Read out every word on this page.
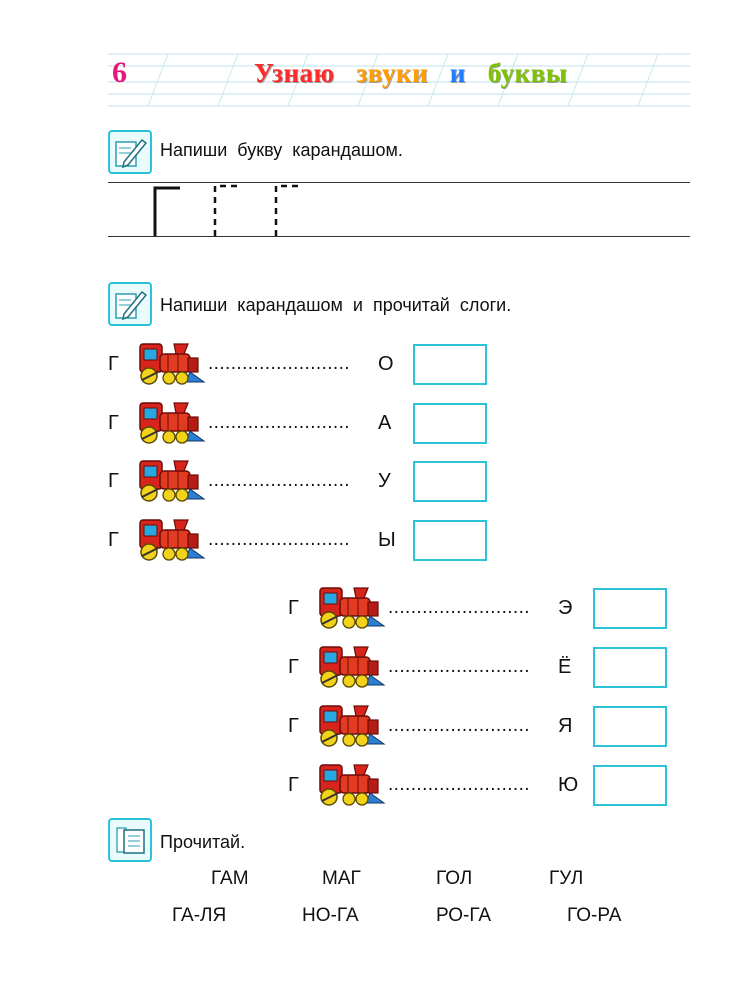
6	Узнаю звуки и буквы
Напиши букву карандашом.
Напиши карандашом и прочитай слоги.
Г	......................... О
Г	......................... А
Г	......................... У
Г	......................... Ы
Г	......................... Э
Г	......................... Ё
Г	......................... Я
Г	......................... Ю
Прочитай.
ГАМ	МАГ	ГОЛ	ГУЛ
ГА-ЛЯ	НО-ГА	РО-ГА	ГО-РА
